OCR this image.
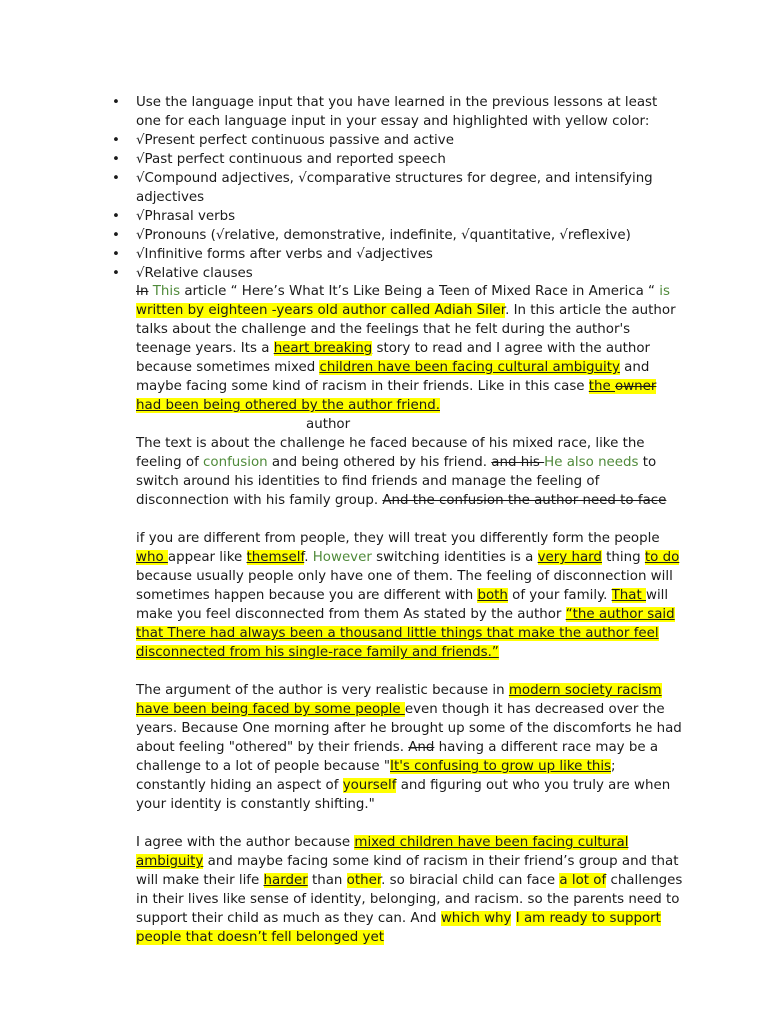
• Use the language input that you have learned in the previous lessons at least one for each language input in your essay and highlighted with yellow color:
• √Present perfect continuous passive and active
• √Past perfect continuous and reported speech
• √Compound adjectives, √comparative structures for degree, and intensifying adjectives
• √Phrasal verbs
• √Pronouns (√relative, demonstrative, indefinite, √quantitative, √reflexive)
• √Infinitive forms after verbs and √adjectives
• √Relative clauses

In This article “ Here’s What It’s Like Being a Teen of Mixed Race in America “ is written by eighteen -years old author called Adiah Siler. In this article the author talks about the challenge and the feelings that he felt during the author's teenage years. Its a heart breaking story to read and I agree with the author because sometimes mixed children have been facing cultural ambiguity and maybe facing some kind of racism in their friends. Like in this case the owner had been being othered by the author friend.

author

The text is about the challenge he faced because of his mixed race, like the feeling of confusion and being othered by his friend. and his He also needs to switch around his identities to find friends and manage the feeling of disconnection with his family group. And the confusion the author need to face

if you are different from people, they will treat you differently form the people who appear like themself. However switching identities is a very hard thing to do because usually people only have one of them. The feeling of disconnection will sometimes happen because you are different with both of your family. That will make you feel disconnected from them As stated by the author “the author said that There had always been a thousand little things that make the author feel disconnected from his single-race family and friends.”

The argument of the author is very realistic because in modern society racism have been being faced by some people even though it has decreased over the years. Because One morning after he brought up some of the discomforts he had about feeling "othered" by their friends. And having a different race may be a challenge to a lot of people because "It's confusing to grow up like this; constantly hiding an aspect of yourself and figuring out who you truly are when your identity is constantly shifting."

I agree with the author because mixed children have been facing cultural ambiguity and maybe facing some kind of racism in their friend’s group and that will make their life harder than other. so biracial child can face a lot of challenges in their lives like sense of identity, belonging, and racism. so the parents need to support their child as much as they can. And which why I am ready to support people that doesn’t fell belonged yet
